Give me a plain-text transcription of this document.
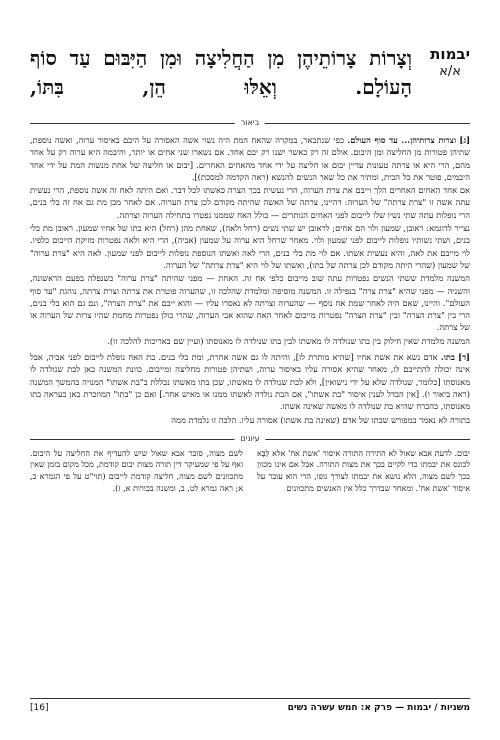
יבמות
א/א
וְצָרוֹת צָרוֹתֵיהֶן מִן הַחֲלִיצָה וּמִן הַיִּבּוּם עַד סוֹף הָעוֹלָם. וְאֵלּוּ הֵן, בִּתּוֹ,
ביאור

[ג] וצרות צרותיהן... עד סוף העולם. כפי שנתבאר, במקרה שהאח המת היה נשוי אשה האסורה על היבם באיסור ערוה, ואשה נוספת, שתיהן פטורות מן החליצה ומן היבום. אולם זה רק כאשר ישנו רק יבם אחד. אם נשארו שני אחים או יותר, והיבמה היא ערוה רק על אחד מהם, הרי היא או צרתה טעונות עדיין יבום או חליצה על ידי אחד מהאחים האחרים. [יבום או חליצה של אחת מנשות המת על ידי אחד היבמים, פוטר את כל הבית, ומתיר את כל שאר הנשים להנשא (ראה הקדמה למסכת)].

אם אחד האחים האחרים הלך וייבם את צרת הערוה, הרי נעשית בכך הצרה כאשתו לכל דבר. ואם היתה לאח זה אשה נוספת, הרי נעשית עתה אשה זו "צרת צרתה" של הערוה: דהיינו, צרתה של האשה שהיתה מקודם לכן צרת הערוה. אם לאחר מכן מת גם אח זה בלי בנים, הרי נופלות עתה שתי נשיו שלו לייבום לפני האחים הנותרים — כולל האח שממנו נפטרו בתחילה הערוה וצרתה.

נצייר לדוגמא: ראובן, שמעון ולוי הם אחים; לראובן יש שתי נשים (רחל ולאה), שאחת מהן (רחל) היא בתו של אחיו שמעון. ראובן מת בלי בנים, ושתי נשותיו נופלות לייבום לפני שמעון ולוי. מאחר שרחל היא ערוה על שמעון (אביה), הרי היא ולאה נפטרות מזיקת הייבום כלפיו. לוי מייבם את לאה, והיא נעשית אשתו. אם לוי מת בלי בנים, הרי לאה ואשתו הנוספת נופלות לייבום לפני שמעון. לאה היא "צרת ערוה" של שמעון (שהרי היתה מקודם לכן צרתה של בתו), ואשתו של לוי היא "צרת צרתה" של הערוה.

המשנה מלמדת ששתי הנשים נפטרות עתה שוב מייבום כלפי אח זה. האחת — מפני שהיתה "צרת ערוה" כשנפלה בפעם הראשונה, והשניה — מפני שהיא "צרת צרה" בנפילה זו. המשנה מוסיפה ומלמדת שהלכה זו, שהערוה פוטרת את צרתה וצרת צרתה, נוהגת "עד סוף העולם". והיינו, שאם היה לאחר שמת אח נוסף — שהערוה וצרתה לא נאסרו עליו — והוא ייבם את "צרת הצרה", ונם גם הוא בלי בנים, הרי בין "צרת הצרה" ובין "צרת הצרה" נפטרות מייבום לאחר האח שהוא אבי הערוה, שהרי כולן נפטרות מחמת שהיו צרות של הערוה או של צרתה.

המשנה מלמדת שאין חילוק בין בתו שנולדה לו מאשתו לבין בתו שנולדה לו מאנוסתו (ועיין שם באריכות להלכה זו).

[ד] בתו. אדם נשא את אשת אחיו [שהיא מותרת לו], והיתה לו גם אשה אחרת, ומת בלי בנים. בת האח נופלת לייבום לפני אביה, אבל אינה יכולה להתייבם לו, מאחר שהיא אסורה עליו באיסור ערוה, ושתיהן פטורות מחליצה ומייבום. כוונת המשנה כאן לבת שנולדה לו מאנוסתו [כלומר, שנולדה שלא על ידי נישואין], ולא לבת שנולדה לו מאשתו, שכן בתו מאשתו נכללת ב"בת אשתו" המנויה בהמשך המשנה (ראה ביאור ו). [אין הבדל לענין איסור "בת אשתו", אם הבת נולדה לאשתו ממנו או מאיש אחר.] ואם כן "בתו" המוזכרת כאן כעראה בתו מאנוסתו, כהכרח שהיא בת שנולדה לו מאשה שאינה אשתו.

בתורה לא נאמר במפורש שבתו של אדם (שאינה בת אשתו) אסורה עליו. הלכה זו נלמדת ממה

עיונים
יבום. לדעת אבא שאול לא התירה התורה איסור 'אשת אח' אלא לַבָּא לכונס את יבמתו כדי לקיים בכך את מצות התורה. אבל אם אינו מכוון בכך לשם מצוה, הלא נושא את יבמתו לצורך גופו, הרי הוא עובר על איסור 'אשת אח'. ומאחר שבדרך כלל אין האנשים מתכוונים
לשם מצוה, סובר אבא שאול שיש להעדיף את החליצה על היבום. ואף על פי שמעיקר דין תורה מצות יבום קודמת, מכל מקום בזמן שאין מתכוונים לשם מצוה, חליצה קודמת לייבום (תוי"ט על פי הגמרא ב, א; ראה גמרא לט, ב, ומשנה בכורות א, ז).
משניות / יבמות — פרק א: חמש עשרה נשים
[16]
